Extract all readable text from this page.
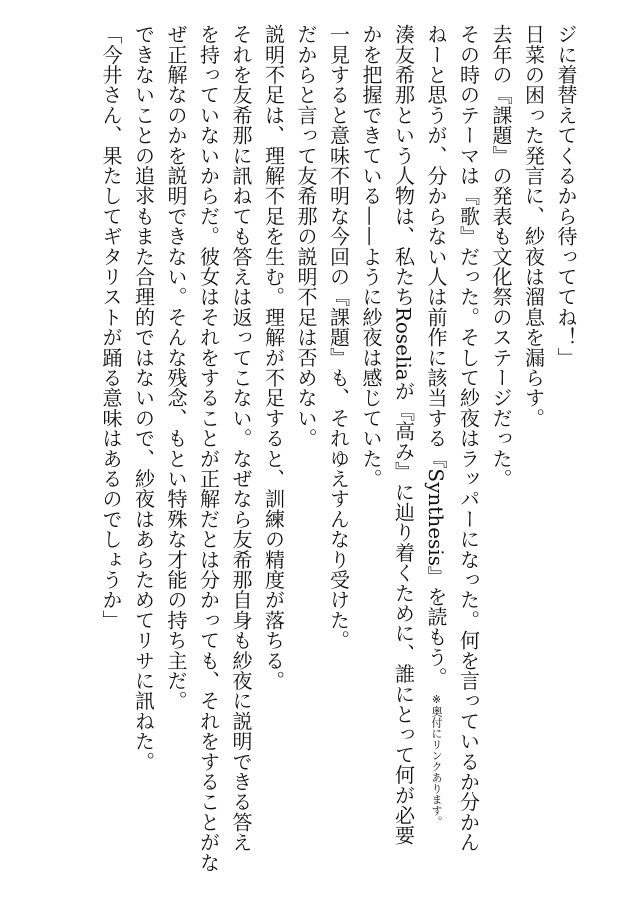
ジに着替えてくるから待っててね！」
日菜の困った発言に、紗夜は溜息を漏らす。
去年の『課題』の発表も文化祭のステージだった。
その時のテーマは『歌』だった。そして紗夜はラッパーになった。何を言っているか分かん
ねーと思うが、分からない人は前作に該当する『Synthesis』を読もう。※奥付にリンクあります。
湊友希那という人物は、私たちRoseliaが『高み』に辿り着くために、誰にとって何が必要
かを把握できている——ように紗夜は感じていた。
一見すると意味不明な今回の『課題』も、それゆえすんなり受けた。
だからと言って友希那の説明不足は否めない。
説明不足は、理解不足を生む。理解が不足すると、訓練の精度が落ちる。
それを友希那に訊ねても答えは返ってこない。なぜなら友希那自身も紗夜に説明できる答え
を持っていないからだ。彼女はそれをすることが正解だとは分かっても、それをすることがな
ぜ正解なのかを説明できない。そんな残念、もとい特殊な才能の持ち主だ。
できないことの追求もまた合理的ではないので、紗夜はあらためてリサに訊ねた。
「今井さん、果たしてギタリストが踊る意味はあるのでしょうか」
